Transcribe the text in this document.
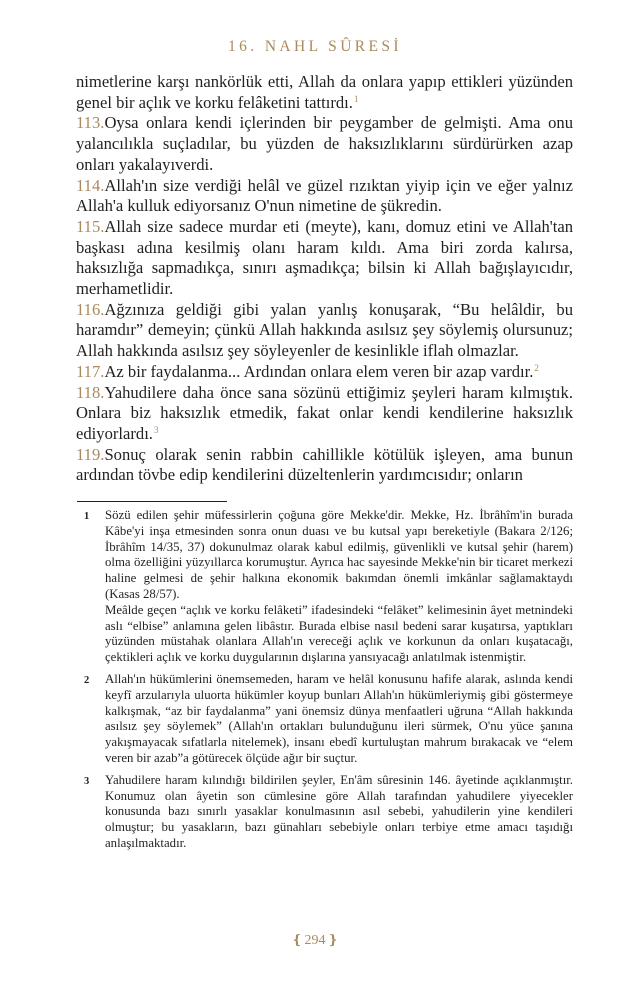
16. NAHL SÛRESİ

nimetlerine karşı nankörlük etti, Allah da onlara yapıp ettikleri yüzünden genel bir açlık ve korku felâketini tattırdı.$^1$

113.Oysa onlara kendi içlerinden bir peygamber de gelmişti. Ama onu yalancılıkla suçladılar, bu yüzden de haksızlıklarını sürdürürken azap onları yakalayıverdi.

114.Allah'ın size verdiği helâl ve güzel rızıktan yiyip için ve eğer yalnız Allah'a kulluk ediyorsanız O'nun nimetine de şükredin.

115.Allah size sadece murdar eti (meyte), kanı, domuz etini ve Allah'tan başkası adına kesilmiş olanı haram kıldı. Ama biri zorda kalırsa, haksızlığa sapmadıkça, sınırı aşmadıkça; bilsin ki Allah bağışlayıcıdır, merhametlidir.

116.Ağzınıza geldiği gibi yalan yanlış konuşarak, “Bu helâldir, bu haramdır” demeyin; çünkü Allah hakkında asılsız şey söylemiş olursunuz; Allah hakkında asılsız şey söyleyenler de kesinlikle iflah olmazlar.

117.Az bir faydalanma... Ardından onlara elem veren bir azap vardır.$^2$

118.Yahudilere daha önce sana sözünü ettiğimiz şeyleri haram kılmıştık. Onlara biz haksızlık etmedik, fakat onlar kendi kendilerine haksızlık ediyorlardı.$^3$

119.Sonuç olarak senin rabbin cahillikle kötülük işleyen, ama bunun ardından tövbe edip kendilerini düzeltenlerin yardımcısıdır; onların

1 Sözü edilen şehir müfessirlerin çoğuna göre Mekke'dir. Mekke, Hz. İbrâhîm'in burada Kâbe'yi inşa etmesinden sonra onun duası ve bu kutsal yapı bereketiyle (Bakara 2/126; İbrâhîm 14/35, 37) dokunulmaz olarak kabul edilmiş, güvenlikli ve kutsal şehir (harem) olma özelliğini yüzyıllarca korumuştur. Ayrıca hac sayesinde Mekke'nin bir ticaret merkezi haline gelmesi de şehir halkına ekonomik bakımdan önemli imkânlar sağlamaktaydı (Kasas 28/57).

Meâlde geçen “açlık ve korku felâketi” ifadesindeki “felâket” kelimesinin âyet metnindeki aslı “elbise” anlamına gelen libâstır. Burada elbise nasıl bedeni sarar kuşatırsa, yaptıkları yüzünden müstahak olanlara Allah'ın vereceği açlık ve korkunun da onları kuşatacağı, çektikleri açlık ve korku duygularının dışlarına yansıyacağı anlatılmak istenmiştir.

2 Allah'ın hükümlerini önemsemeden, haram ve helâl konusunu hafife alarak, aslında kendi keyfî arzularıyla uluorta hükümler koyup bunları Allah'ın hükümleriymiş gibi göstermeye kalkışmak, “az bir faydalanma” yani önemsiz dünya menfaatleri uğruna “Allah hakkında asılsız şey söylemek” (Allah'ın ortakları bulunduğunu ileri sürmek, O'nu yüce şanına yakışmayacak sıfatlarla nitelemek), insanı ebedî kurtuluştan mahrum bırakacak ve “elem veren bir azab”a götürecek ölçüde ağır bir suçtur.

3 Yahudilere haram kılındığı bildirilen şeyler, En'âm sûresinin 146. âyetinde açıklanmıştır. Konumuz olan âyetin son cümlesine göre Allah tarafından yahudilere yiyecekler konusunda bazı sınırlı yasaklar konulmasının asıl sebebi, yahudilerin yine kendileri olmuştur; bu yasakların, bazı günahları sebebiyle onları terbiye etme amacı taşıdığı anlaşılmaktadır.

❴ 294 ❵
